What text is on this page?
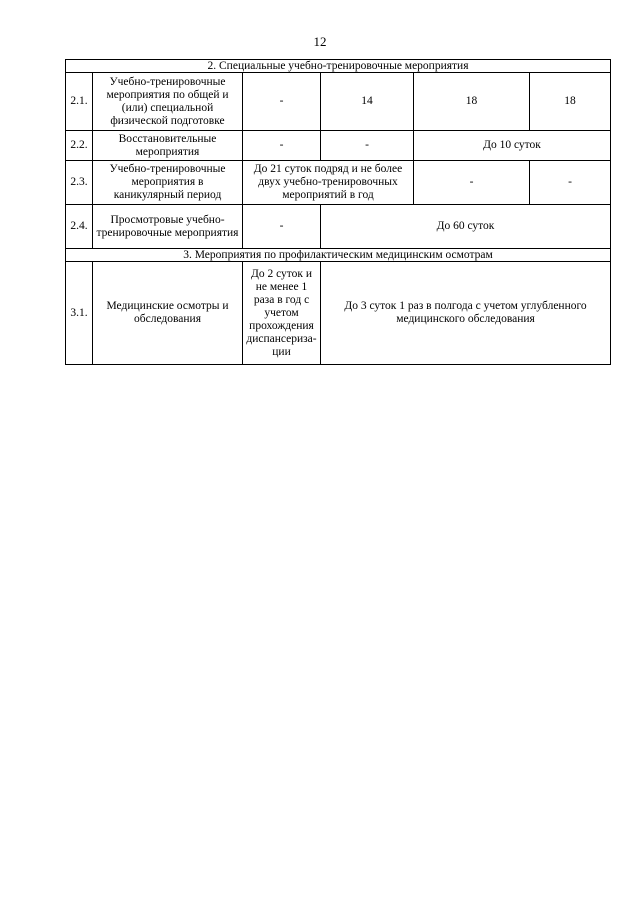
12
2. Специальные учебно-тренировочные мероприятия					
2.1.	Учебно-тренировочные мероприятия по общей и (или) специальной физической подготовке	-	14	18	18
2.2.	Восстановительные мероприятия	-	-	До 10 суток	
2.3.	Учебно-тренировочные мероприятия в каникулярный период	До 21 суток подряд и не более двух учебно-тренировочных мероприятий в год		-	-
2.4.	Просмотровые учебно-тренировочные мероприятия	-	До 60 суток		
3. Мероприятия по профилактическим медицинским осмотрам					
3.1.	Медицинские осмотры и обследования	До 2 суток и не менее 1 раза в год с учетом прохождения диспансериза-ции	До 3 суток 1 раз в полгода с учетом углубленного медицинского обследования		
